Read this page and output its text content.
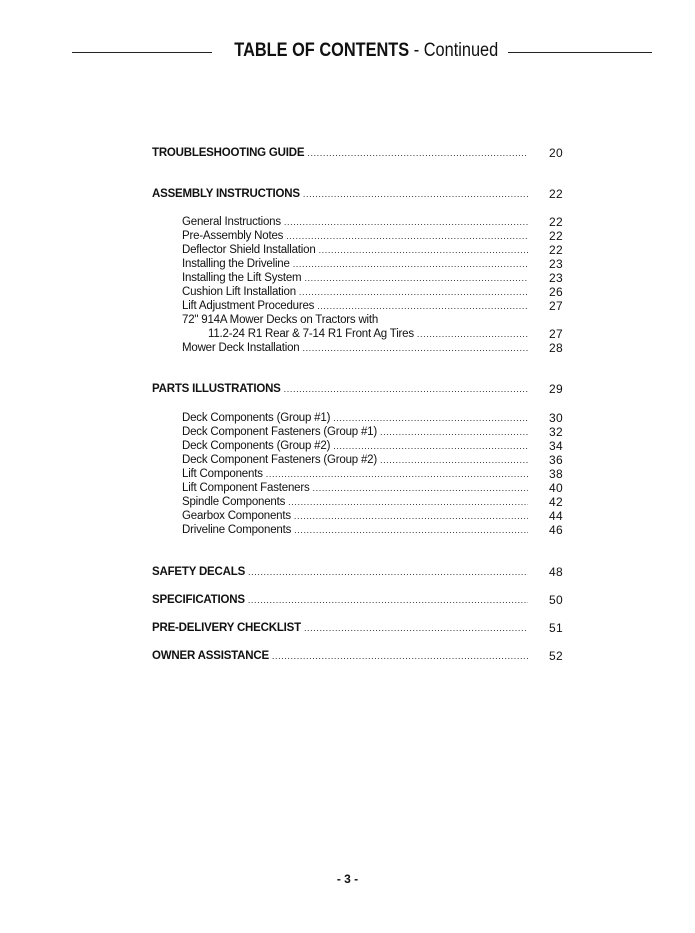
TABLE OF CONTENTS - Continued
TROUBLESHOOTING GUIDE .....	20
ASSEMBLY INSTRUCTIONS .....	22
General Instructions .....	22
Pre-Assembly Notes .....	22
Deflector Shield Installation .....	22
Installing the Driveline .....	23
Installing the Lift System .....	23
Cushion Lift Installation .....	26
Lift Adjustment Procedures .....	27
72" 914A Mower Decks on Tractors with
11.2-24 R1 Rear & 7-14 R1 Front Ag Tires .....	27
Mower Deck Installation .....	28
PARTS ILLUSTRATIONS .....	29
Deck Components (Group #1) .....	30
Deck Component Fasteners (Group #1) .....	32
Deck Components (Group #2) .....	34
Deck Component Fasteners (Group #2) .....	36
Lift Components .....	38
Lift Component Fasteners .....	40
Spindle Components .....	42
Gearbox Components .....	44
Driveline Components .....	46
SAFETY DECALS .....	48
SPECIFICATIONS .....	50
PRE-DELIVERY CHECKLIST .....	51
OWNER ASSISTANCE .....	52
- 3 -
